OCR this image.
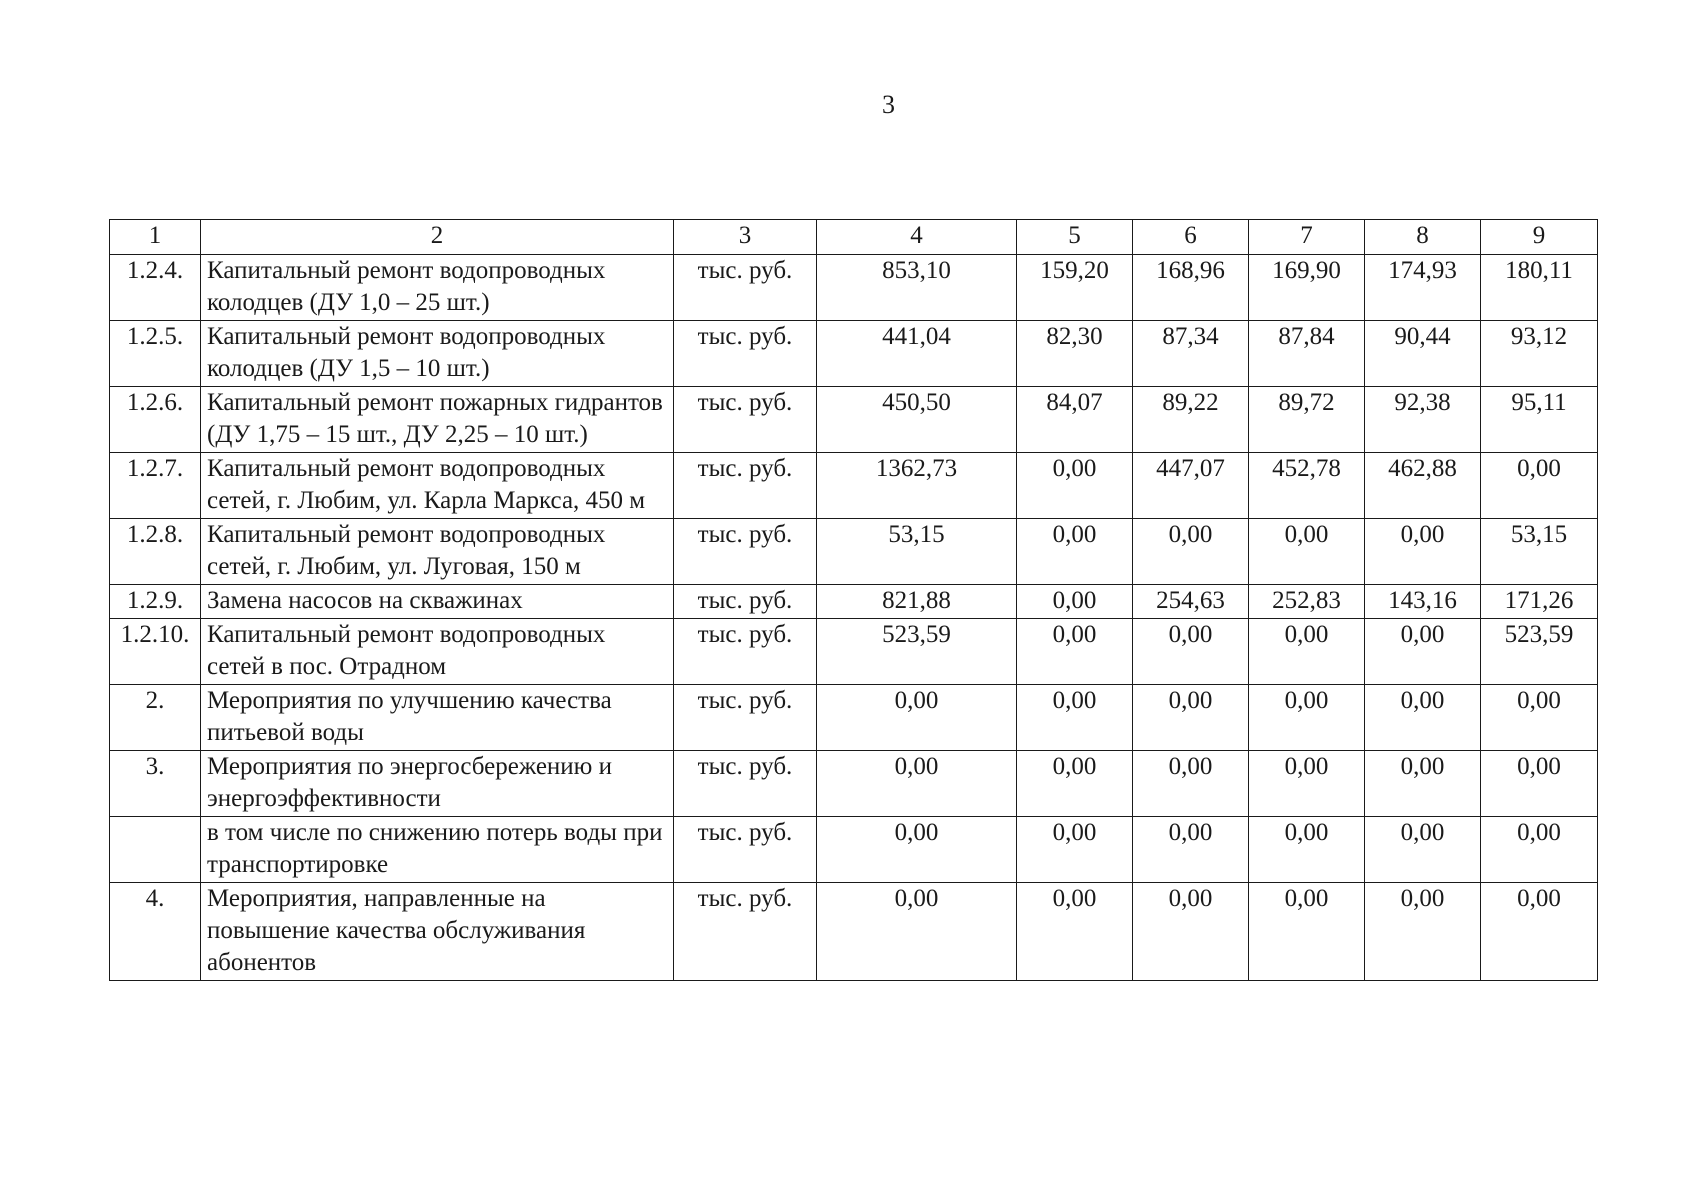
3
1	2	3	4	5	6	7	8	9
1.2.4.	Капитальный ремонт водопроводных колодцев (ДУ 1,0 – 25 шт.)	тыс. руб.	853,10	159,20	168,96	169,90	174,93	180,11
1.2.5.	Капитальный ремонт водопроводных колодцев (ДУ 1,5 – 10 шт.)	тыс. руб.	441,04	82,30	87,34	87,84	90,44	93,12
1.2.6.	Капитальный ремонт пожарных гидрантов (ДУ 1,75 – 15 шт., ДУ 2,25 – 10 шт.)	тыс. руб.	450,50	84,07	89,22	89,72	92,38	95,11
1.2.7.	Капитальный ремонт водопроводных сетей, г. Любим, ул. Карла Маркса, 450 м	тыс. руб.	1362,73	0,00	447,07	452,78	462,88	0,00
1.2.8.	Капитальный ремонт водопроводных сетей, г. Любим, ул. Луговая, 150 м	тыс. руб.	53,15	0,00	0,00	0,00	0,00	53,15
1.2.9.	Замена насосов на скважинах	тыс. руб.	821,88	0,00	254,63	252,83	143,16	171,26
1.2.10.	Капитальный ремонт водопроводных сетей в пос. Отрадном	тыс. руб.	523,59	0,00	0,00	0,00	0,00	523,59
2.	Мероприятия по улучшению качества питьевой воды	тыс. руб.	0,00	0,00	0,00	0,00	0,00	0,00
3.	Мероприятия по энергосбережению и энергоэффективности	тыс. руб.	0,00	0,00	0,00	0,00	0,00	0,00
	в том числе по снижению потерь воды при транспортировке	тыс. руб.	0,00	0,00	0,00	0,00	0,00	0,00
4.	Мероприятия, направленные на повышение качества обслуживания абонентов	тыс. руб.	0,00	0,00	0,00	0,00	0,00	0,00
